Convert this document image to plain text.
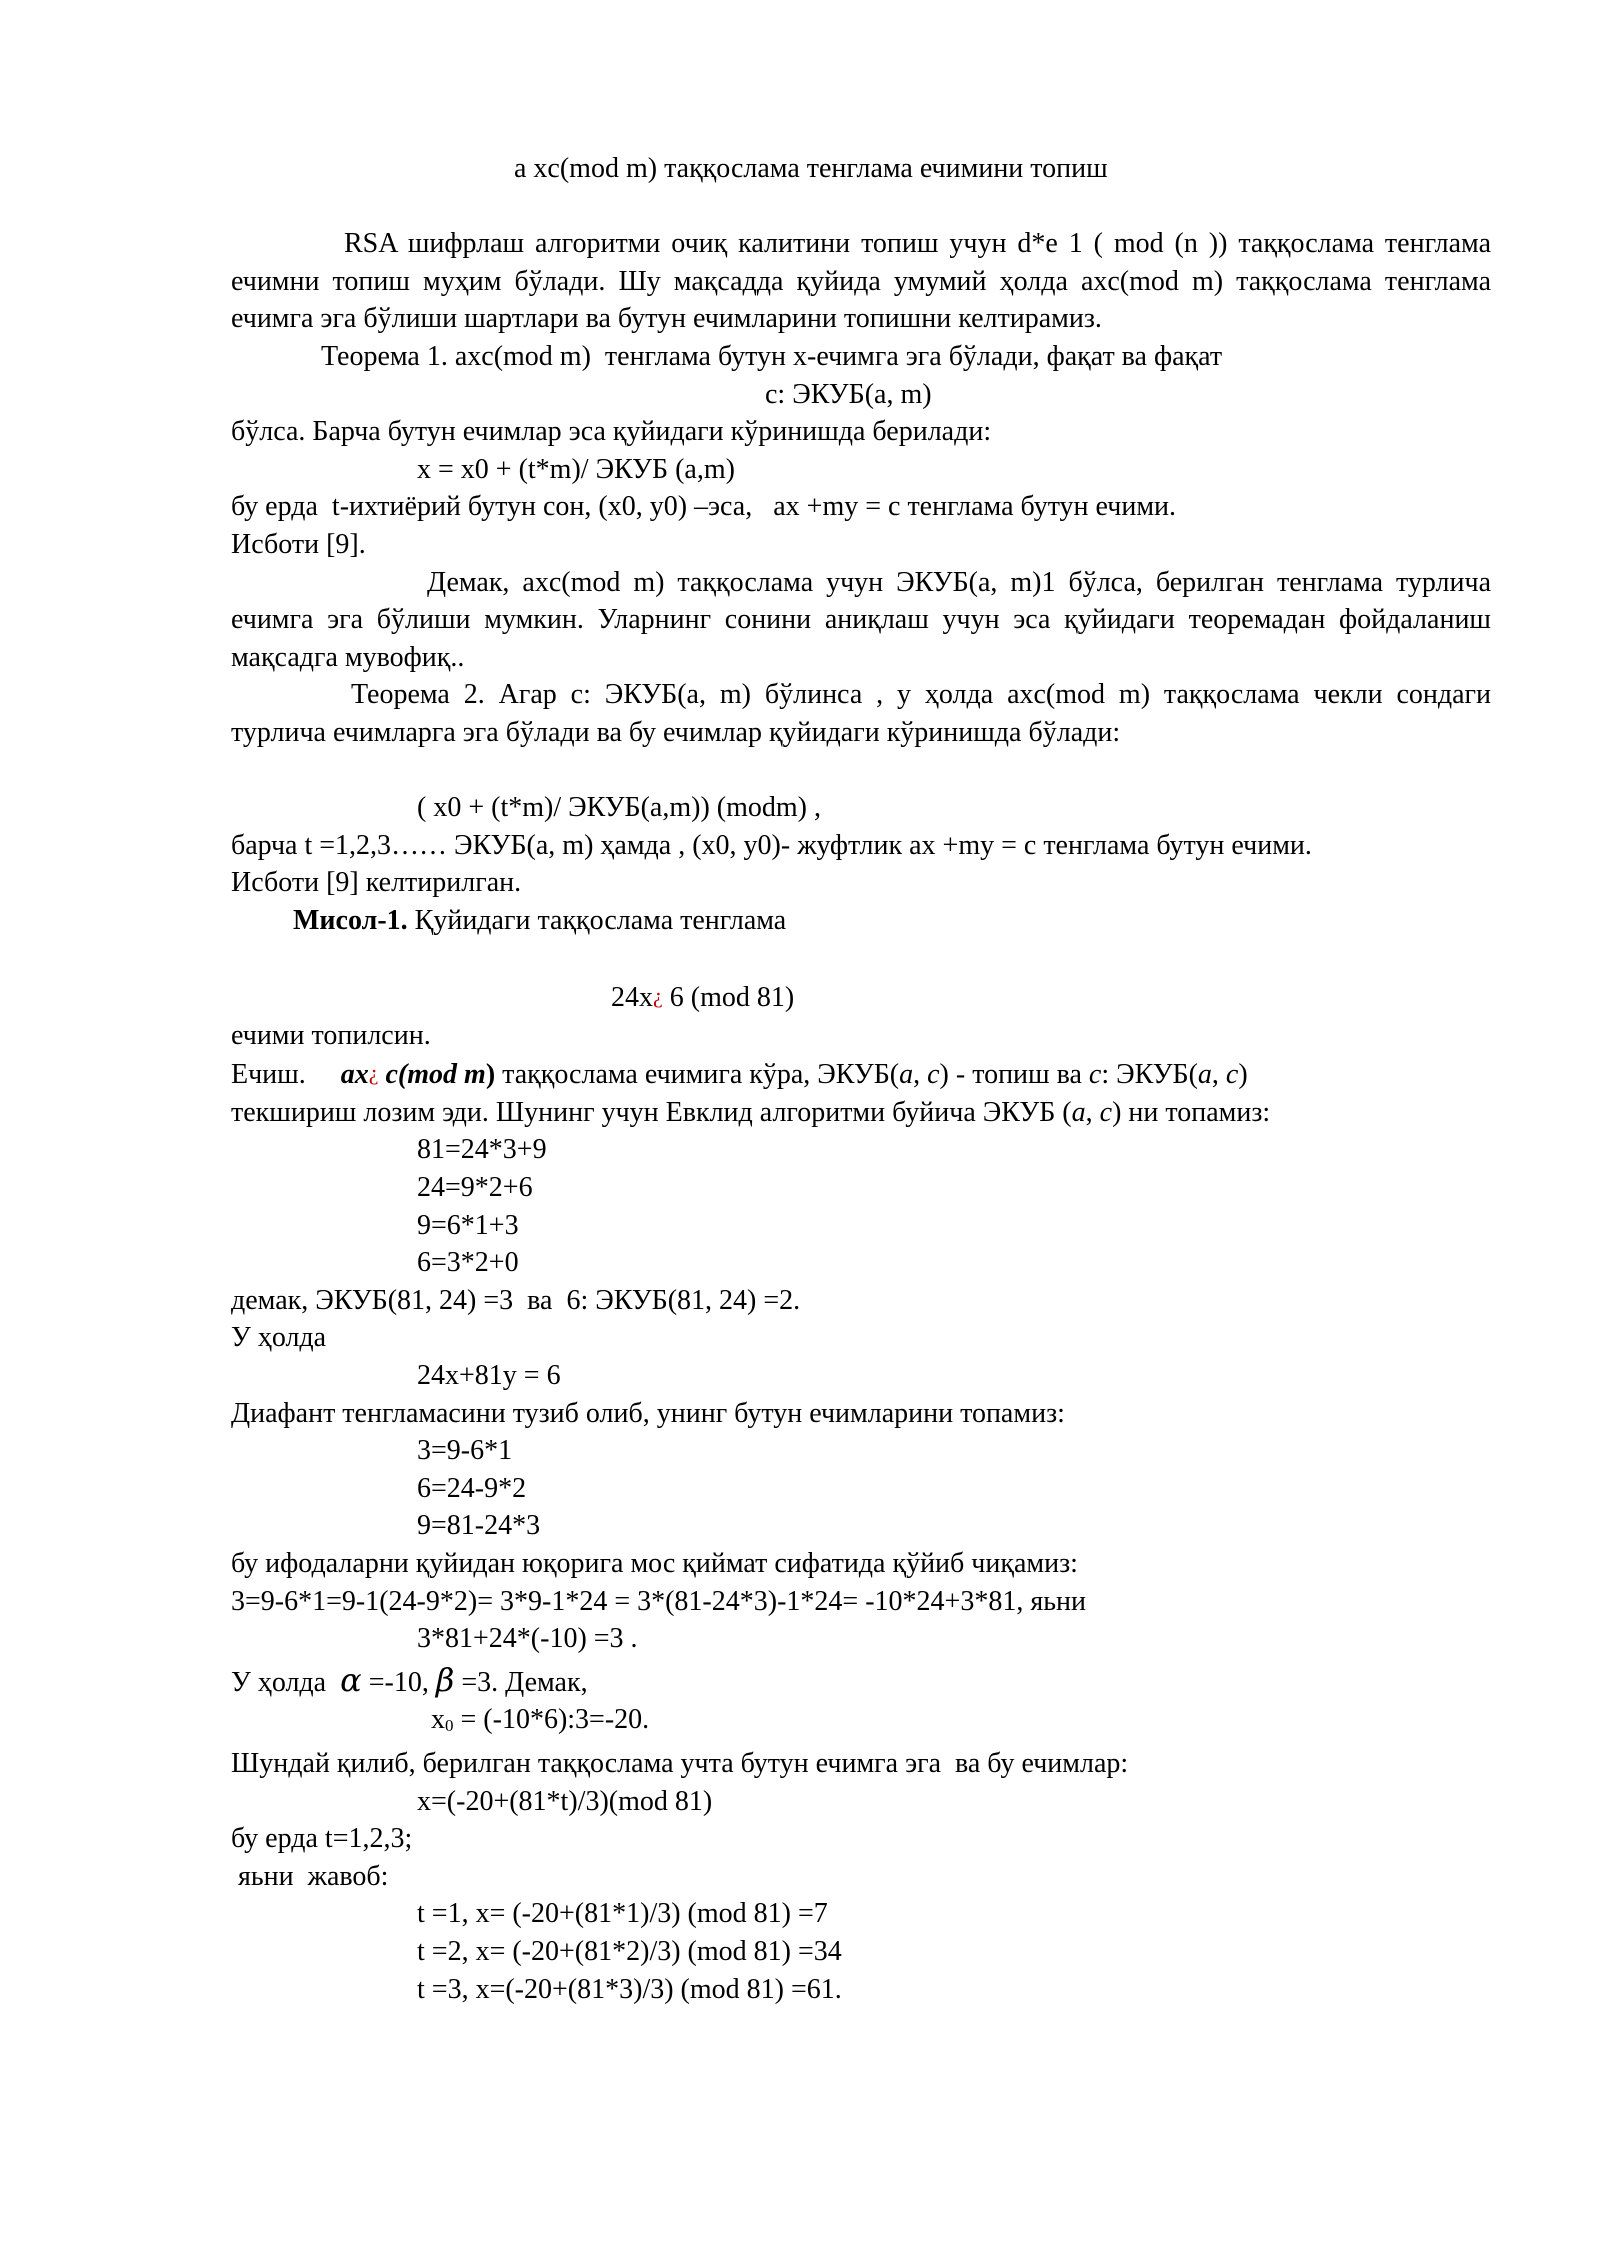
a xc(mod m) таққослама тенглама ечимини топиш
RSA шифрлаш алгоритми очиқ калитини топиш учун d*e 1 ( mod (n )) таққослама тенглама ечимни топиш муҳим бўлади. Шу мақсадда қуйида умумий ҳолда axc(mod m) таққослама тенглама ечимга эга бўлиши шартлари ва бутун ечимларини топишни келтирамиз.
Теорема 1. axc(mod m)  тенглама бутун x-ечимга эга бўлади, фақат ва фақат
c: ЭКУБ(a, m)
бўлса. Барча бутун ечимлар эса қуйидаги кўринишда берилади:
x = x0 + (t*m)/ ЭКУБ (a,m)
бу ерда  t-ихтиёрий бутун сон, (x0, y0) –эса,   ax +my = c тенглама бутун ечими.
Исботи [9].
Демак, axc(mod m) таққослама учун ЭКУБ(a, m)1 бўлса, берилган тенглама турлича ечимга эга бўлиши мумкин. Уларнинг сонини аниқлаш учун эса қуйидаги теоремадан фойдаланиш мақсадга мувофиқ..
Теорема 2. Агар c: ЭКУБ(a, m) бўлинса , у ҳолда axc(mod m) таққослама чекли сондаги турлича ечимларга эга бўлади ва бу ечимлар қуйидаги кўринишда бўлади:
( x0 + (t*m)/ ЭКУБ(a,m)) (modm) ,
барча t =1,2,3…… ЭКУБ(a, m) ҳамда , (x0, y0)- жуфтлик ax +my = c тенглама бутун ечими.
Исботи [9] келтирилган.
Мисол-1. Қуйидаги таққослама тенглама
24x¿ 6 (mod 81)
ечими топилсин.
Ечиш. ax¿ c(mod m) таққослама ечимига кўра, ЭКУБ(a, c) - топиш ва c: ЭКУБ(a, c)
текшириш лозим эди. Шунинг учун Евклид алгоритми буйича ЭКУБ (a, c) ни топамиз:
81=24*3+9
24=9*2+6
9=6*1+3
6=3*2+0
демак, ЭКУБ(81, 24) =3  ва  6: ЭКУБ(81, 24) =2.
У ҳолда
24x+81y = 6
Диафант тенгламасини тузиб олиб, унинг бутун ечимларини топамиз:
3=9-6*1
6=24-9*2
9=81-24*3
бу ифодаларни қуйидан юқорига мос қиймат сифатида қўйиб чиқамиз:
3=9-6*1=9-1(24-9*2)= 3*9-1*24 = 3*(81-24*3)-1*24= -10*24+3*81, яьни
3*81+24*(-10) =3 .
У ҳолда  α =-10, β =3. Демак,
x0 = (-10*6):3=-20.
Шундай қилиб, берилган таққослама учта бутун ечимга эга  ва бу ечимлар:
x=(-20+(81*t)/3)(mod 81)
бу ерда t=1,2,3;
яьни  жавоб:
t =1, x= (-20+(81*1)/3) (mod 81) =7
t =2, x= (-20+(81*2)/3) (mod 81) =34
t =3, x=(-20+(81*3)/3) (mod 81) =61.
